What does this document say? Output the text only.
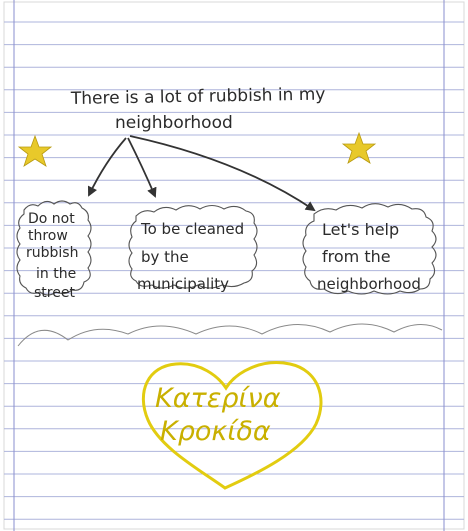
There is a lot of rubbish in my
neighborhood
Do not
throw
rubbish
in the
street
To be cleaned
by the
municipality
Let's help
from the
neighborhood
Κατερίνα
Κροκίδα
